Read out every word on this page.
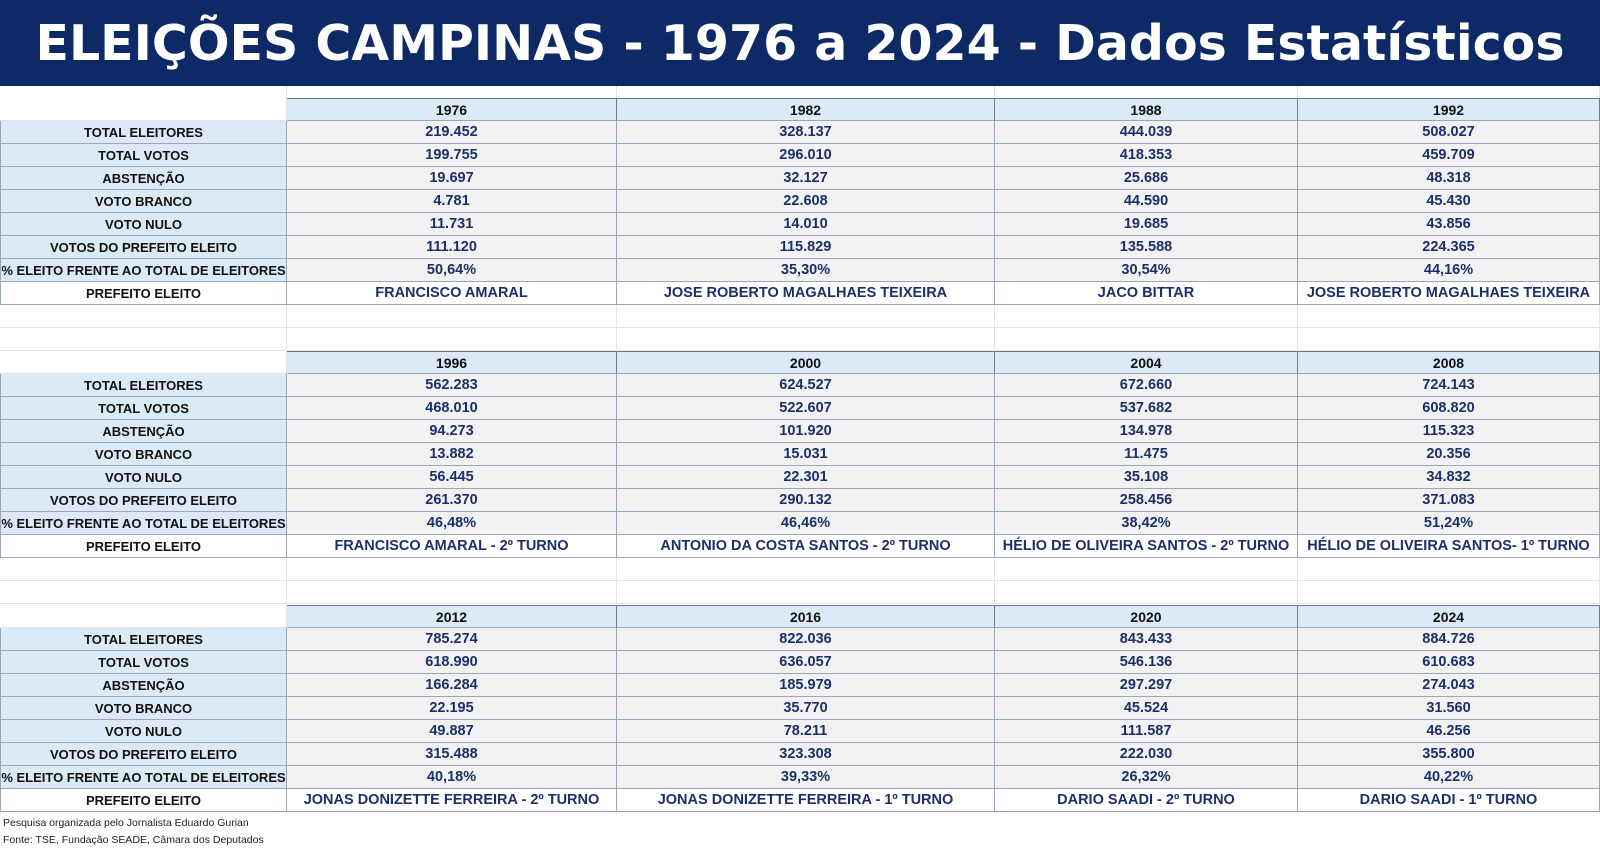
ELEIÇÕES CAMPINAS - 1976 a 2024 - Dados Estatísticos
1976	1982	1988	1992
TOTAL ELEITORES	219.452	328.137	444.039	508.027
TOTAL VOTOS	199.755	296.010	418.353	459.709
ABSTENÇÃO	19.697	32.127	25.686	48.318
VOTO BRANCO	4.781	22.608	44.590	45.430
VOTO NULO	11.731	14.010	19.685	43.856
VOTOS DO PREFEITO ELEITO	111.120	115.829	135.588	224.365
% ELEITO FRENTE AO TOTAL DE ELEITORES	50,64%	35,30%	30,54%	44,16%
PREFEITO ELEITO	FRANCISCO AMARAL	JOSE ROBERTO MAGALHAES TEIXEIRA	JACO BITTAR	JOSE ROBERTO MAGALHAES TEIXEIRA
1996	2000	2004	2008
TOTAL ELEITORES	562.283	624.527	672.660	724.143
TOTAL VOTOS	468.010	522.607	537.682	608.820
ABSTENÇÃO	94.273	101.920	134.978	115.323
VOTO BRANCO	13.882	15.031	11.475	20.356
VOTO NULO	56.445	22.301	35.108	34.832
VOTOS DO PREFEITO ELEITO	261.370	290.132	258.456	371.083
% ELEITO FRENTE AO TOTAL DE ELEITORES	46,48%	46,46%	38,42%	51,24%
PREFEITO ELEITO	FRANCISCO AMARAL - 2º TURNO	ANTONIO DA COSTA SANTOS - 2º TURNO	HÉLIO DE OLIVEIRA SANTOS - 2º TURNO	HÉLIO DE OLIVEIRA SANTOS- 1º TURNO
2012	2016	2020	2024
TOTAL ELEITORES	785.274	822.036	843.433	884.726
TOTAL VOTOS	618.990	636.057	546.136	610.683
ABSTENÇÃO	166.284	185.979	297.297	274.043
VOTO BRANCO	22.195	35.770	45.524	31.560
VOTO NULO	49.887	78.211	111.587	46.256
VOTOS DO PREFEITO ELEITO	315.488	323.308	222.030	355.800
% ELEITO FRENTE AO TOTAL DE ELEITORES	40,18%	39,33%	26,32%	40,22%
PREFEITO ELEITO	JONAS DONIZETTE FERREIRA - 2º TURNO	JONAS DONIZETTE FERREIRA - 1º TURNO	DARIO SAADI - 2º TURNO	DARIO SAADI - 1º TURNO
Pesquisa organizada pelo Jornalista Eduardo Gurian
Fonte: TSE, Fundação SEADE, Câmara dos Deputados
